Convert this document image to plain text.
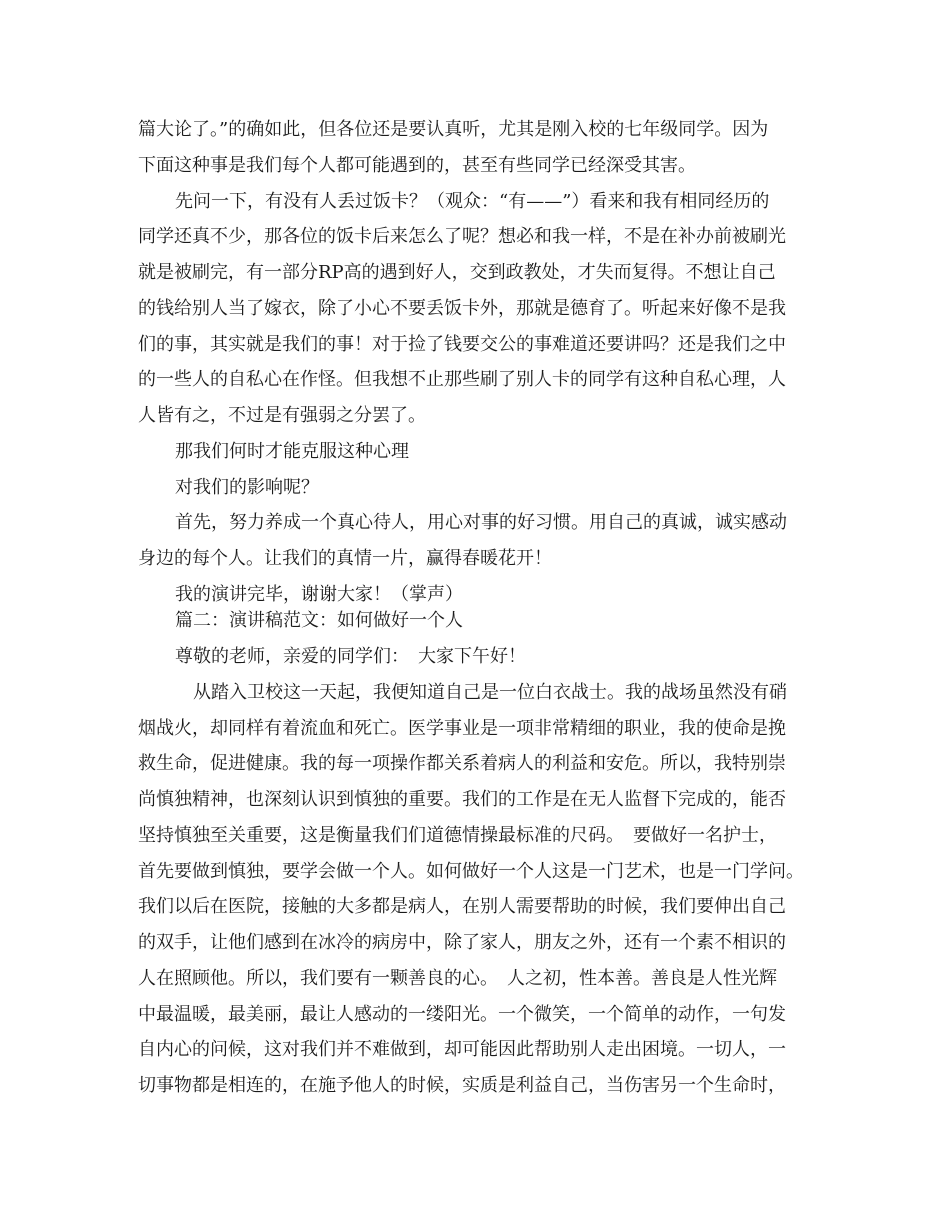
篇大论了。”的确如此，但各位还是要认真听，尤其是刚入校的七年级同学。因为
下面这种事是我们每个人都可能遇到的，甚至有些同学已经深受其害。
先问一下，有没有人丢过饭卡？（观众：“有——”）看来和我有相同经历的
同学还真不少，那各位的饭卡后来怎么了呢？想必和我一样，不是在补办前被刷光
就是被刷完，有一部分RP高的遇到好人，交到政教处，才失而复得。不想让自己
的钱给别人当了嫁衣，除了小心不要丢饭卡外，那就是德育了。听起来好像不是我
们的事，其实就是我们的事！对于捡了钱要交公的事难道还要讲吗？还是我们之中
的一些人的自私心在作怪。但我想不止那些刷了别人卡的同学有这种自私心理，人
人皆有之，不过是有强弱之分罢了。
那我们何时才能克服这种心理
对我们的影响呢？
首先，努力养成一个真心待人，用心对事的好习惯。用自己的真诚，诚实感动
身边的每个人。让我们的真情一片，赢得春暖花开！
我的演讲完毕，谢谢大家！（掌声）
篇二：演讲稿范文：如何做好一个人
尊敬的老师，亲爱的同学们：　大家下午好！
从踏入卫校这一天起，我便知道自己是一位白衣战士。我的战场虽然没有硝
烟战火，却同样有着流血和死亡。医学事业是一项非常精细的职业，我的使命是挽
救生命，促进健康。我的每一项操作都关系着病人的利益和安危。所以，我特别崇
尚慎独精神，也深刻认识到慎独的重要。我们的工作是在无人监督下完成的，能否
坚持慎独至关重要，这是衡量我们们道德情操最标准的尺码。　要做好一名护士，
首先要做到慎独，要学会做一个人。如何做好一个人这是一门艺术，也是一门学问。
我们以后在医院，接触的大多都是病人，在别人需要帮助的时候，我们要伸出自己
的双手，让他们感到在冰冷的病房中，除了家人，朋友之外，还有一个素不相识的
人在照顾他。所以，我们要有一颗善良的心。　人之初，性本善。善良是人性光辉
中最温暖，最美丽，最让人感动的一缕阳光。一个微笑，一个简单的动作，一句发
自内心的问候，这对我们并不难做到，却可能因此帮助别人走出困境。一切人，一
切事物都是相连的，在施予他人的时候，实质是利益自己，当伤害另一个生命时，
